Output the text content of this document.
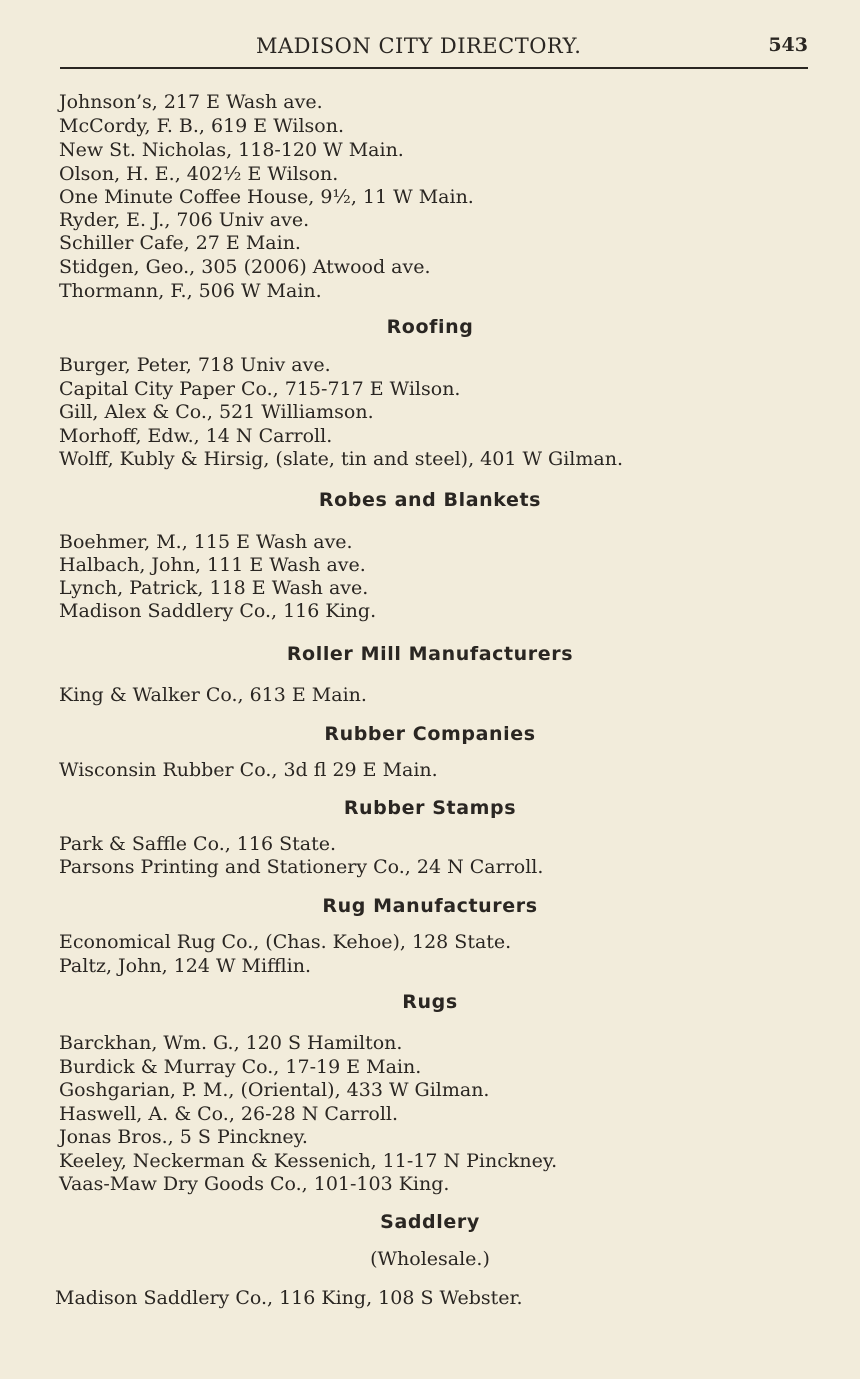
MADISON CITY DIRECTORY.	543
Johnson’s, 217 E Wash ave.
McCordy, F. B., 619 E Wilson.
New St. Nicholas, 118-120 W Main.
Olson, H. E., 402½ E Wilson.
One Minute Coffee House, 9½, 11 W Main.
Ryder, E. J., 706 Univ ave.
Schiller Cafe, 27 E Main.
Stidgen, Geo., 305 (2006) Atwood ave.
Thormann, F., 506 W Main.
Roofing
Burger, Peter, 718 Univ ave.
Capital City Paper Co., 715-717 E Wilson.
Gill, Alex & Co., 521 Williamson.
Morhoff, Edw., 14 N Carroll.
Wolff, Kubly & Hirsig, (slate, tin and steel), 401 W Gilman.
Robes and Blankets
Boehmer, M., 115 E Wash ave.
Halbach, John, 111 E Wash ave.
Lynch, Patrick, 118 E Wash ave.
Madison Saddlery Co., 116 King.
Roller Mill Manufacturers
King & Walker Co., 613 E Main.
Rubber Companies
Wisconsin Rubber Co., 3d fl 29 E Main.
Rubber Stamps
Park & Saffle Co., 116 State.
Parsons Printing and Stationery Co., 24 N Carroll.
Rug Manufacturers
Economical Rug Co., (Chas. Kehoe), 128 State.
Paltz, John, 124 W Mifflin.
Rugs
Barckhan, Wm. G., 120 S Hamilton.
Burdick & Murray Co., 17-19 E Main.
Goshgarian, P. M., (Oriental), 433 W Gilman.
Haswell, A. & Co., 26-28 N Carroll.
Jonas Bros., 5 S Pinckney.
Keeley, Neckerman & Kessenich, 11-17 N Pinckney.
Vaas-Maw Dry Goods Co., 101-103 King.
Saddlery
(Wholesale.)
Madison Saddlery Co., 116 King, 108 S Webster.
